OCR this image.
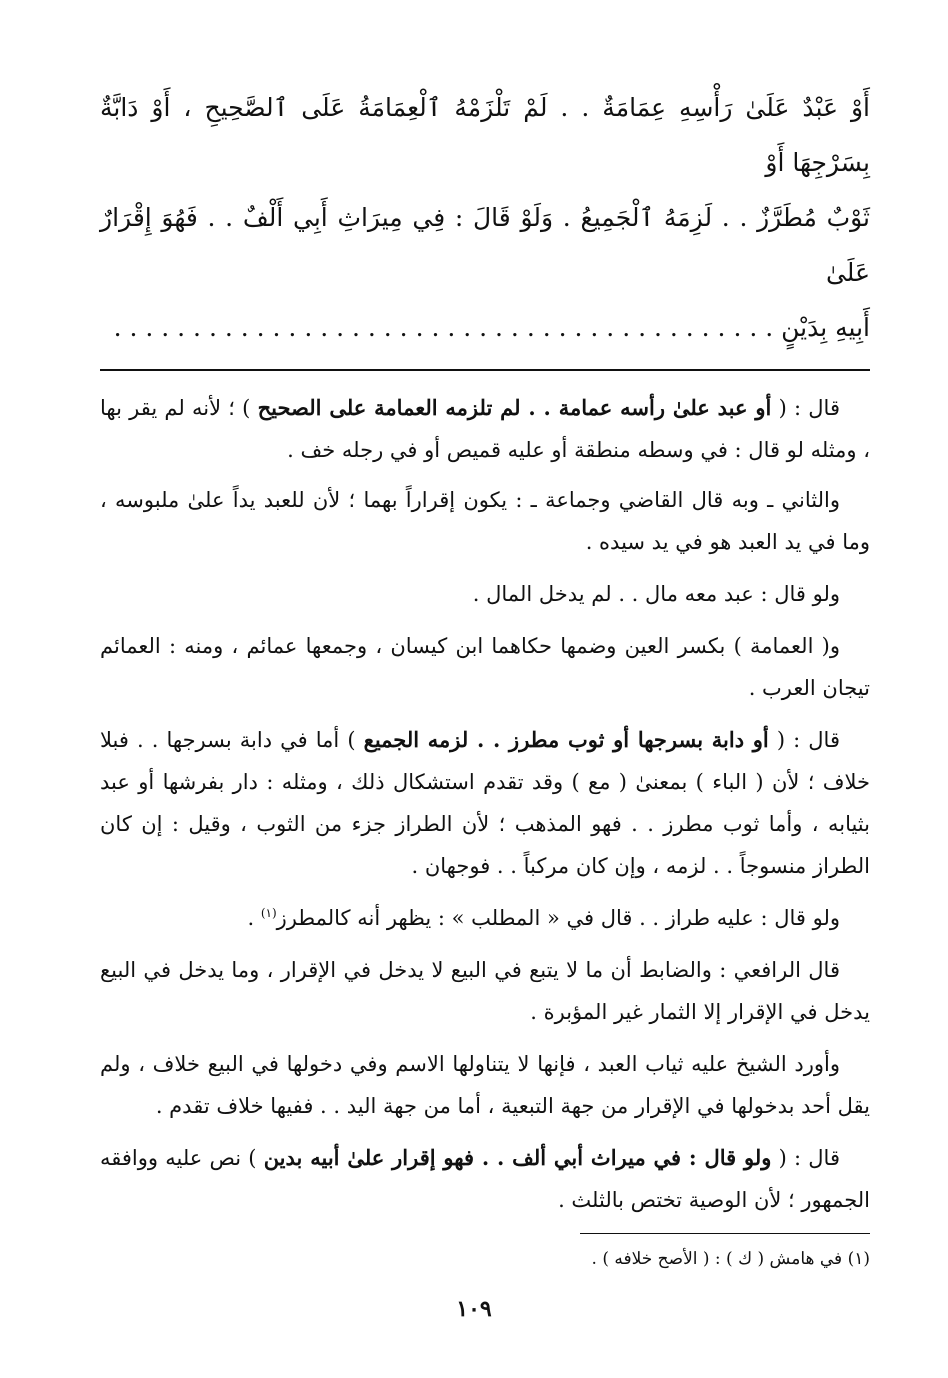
أَوْ عَبْدٌ عَلَىٰ رَأْسِهِ عِمَامَةٌ . . لَمْ تَلْزَمْهُ ٱلْعِمَامَةُ عَلَى ٱلصَّحِيحِ ، أَوْ دَابَّةٌ بِسَرْجِهَا أَوْ

ثَوْبٌ مُطَرَّزٌ . . لَزِمَهُ ٱلْجَمِيعُ . وَلَوْ قَالَ : فِي مِيرَاثِ أَبِي أَلْفٌ . . فَهُوَ إِقْرَارٌ عَلَىٰ

أَبِيهِ بِدَيْنٍ . . . . . . . . . . . . . . . . . . . . . . . . . . . . . . . . . . . . . . . . . .

قال : ( أو عبد علىٰ رأسه عمامة . . لم تلزمه العمامة على الصحيح ) ؛ لأنه لم يقر بها ، ومثله لو قال : في وسطه منطقة أو عليه قميص أو في رجله خف .

والثاني ـ وبه قال القاضي وجماعة ـ : يكون إقراراً بهما ؛ لأن للعبد يداً علىٰ ملبوسه ، وما في يد العبد هو في يد سيده .

ولو قال : عبد معه مال . . لم يدخل المال .

و( العمامة ) بكسر العين وضمها حكاهما ابن كيسان ، وجمعها عمائم ، ومنه : العمائم تيجان العرب .

قال : ( أو دابة بسرجها أو ثوب مطرز . . لزمه الجميع ) أما في دابة بسرجها . . فبلا خلاف ؛ لأن ( الباء ) بمعنىٰ ( مع ) وقد تقدم استشكال ذلك ، ومثله : دار بفرشها أو عبد بثيابه ، وأما ثوب مطرز . . فهو المذهب ؛ لأن الطراز جزء من الثوب ، وقيل : إن كان الطراز منسوجاً . . لزمه ، وإن كان مركباً . . فوجهان .

ولو قال : عليه طراز . . قال في « المطلب » : يظهر أنه كالمطرز$^{(١)}$ .

قال الرافعي : والضابط أن ما لا يتبع في البيع لا يدخل في الإقرار ، وما يدخل في البيع يدخل في الإقرار إلا الثمار غير المؤبرة .

وأورد الشيخ عليه ثياب العبد ، فإنها لا يتناولها الاسم وفي دخولها في البيع خلاف ، ولم يقل أحد بدخولها في الإقرار من جهة التبعية ، أما من جهة اليد . . ففيها خلاف تقدم .

قال : ( ولو قال : في ميراث أبي ألف . . فهو إقرار علىٰ أبيه بدين ) نص عليه ووافقه الجمهور ؛ لأن الوصية تختص بالثلث .

(١) في هامش ( ك ) : ( الأصح خلافه ) .
١٠٩
